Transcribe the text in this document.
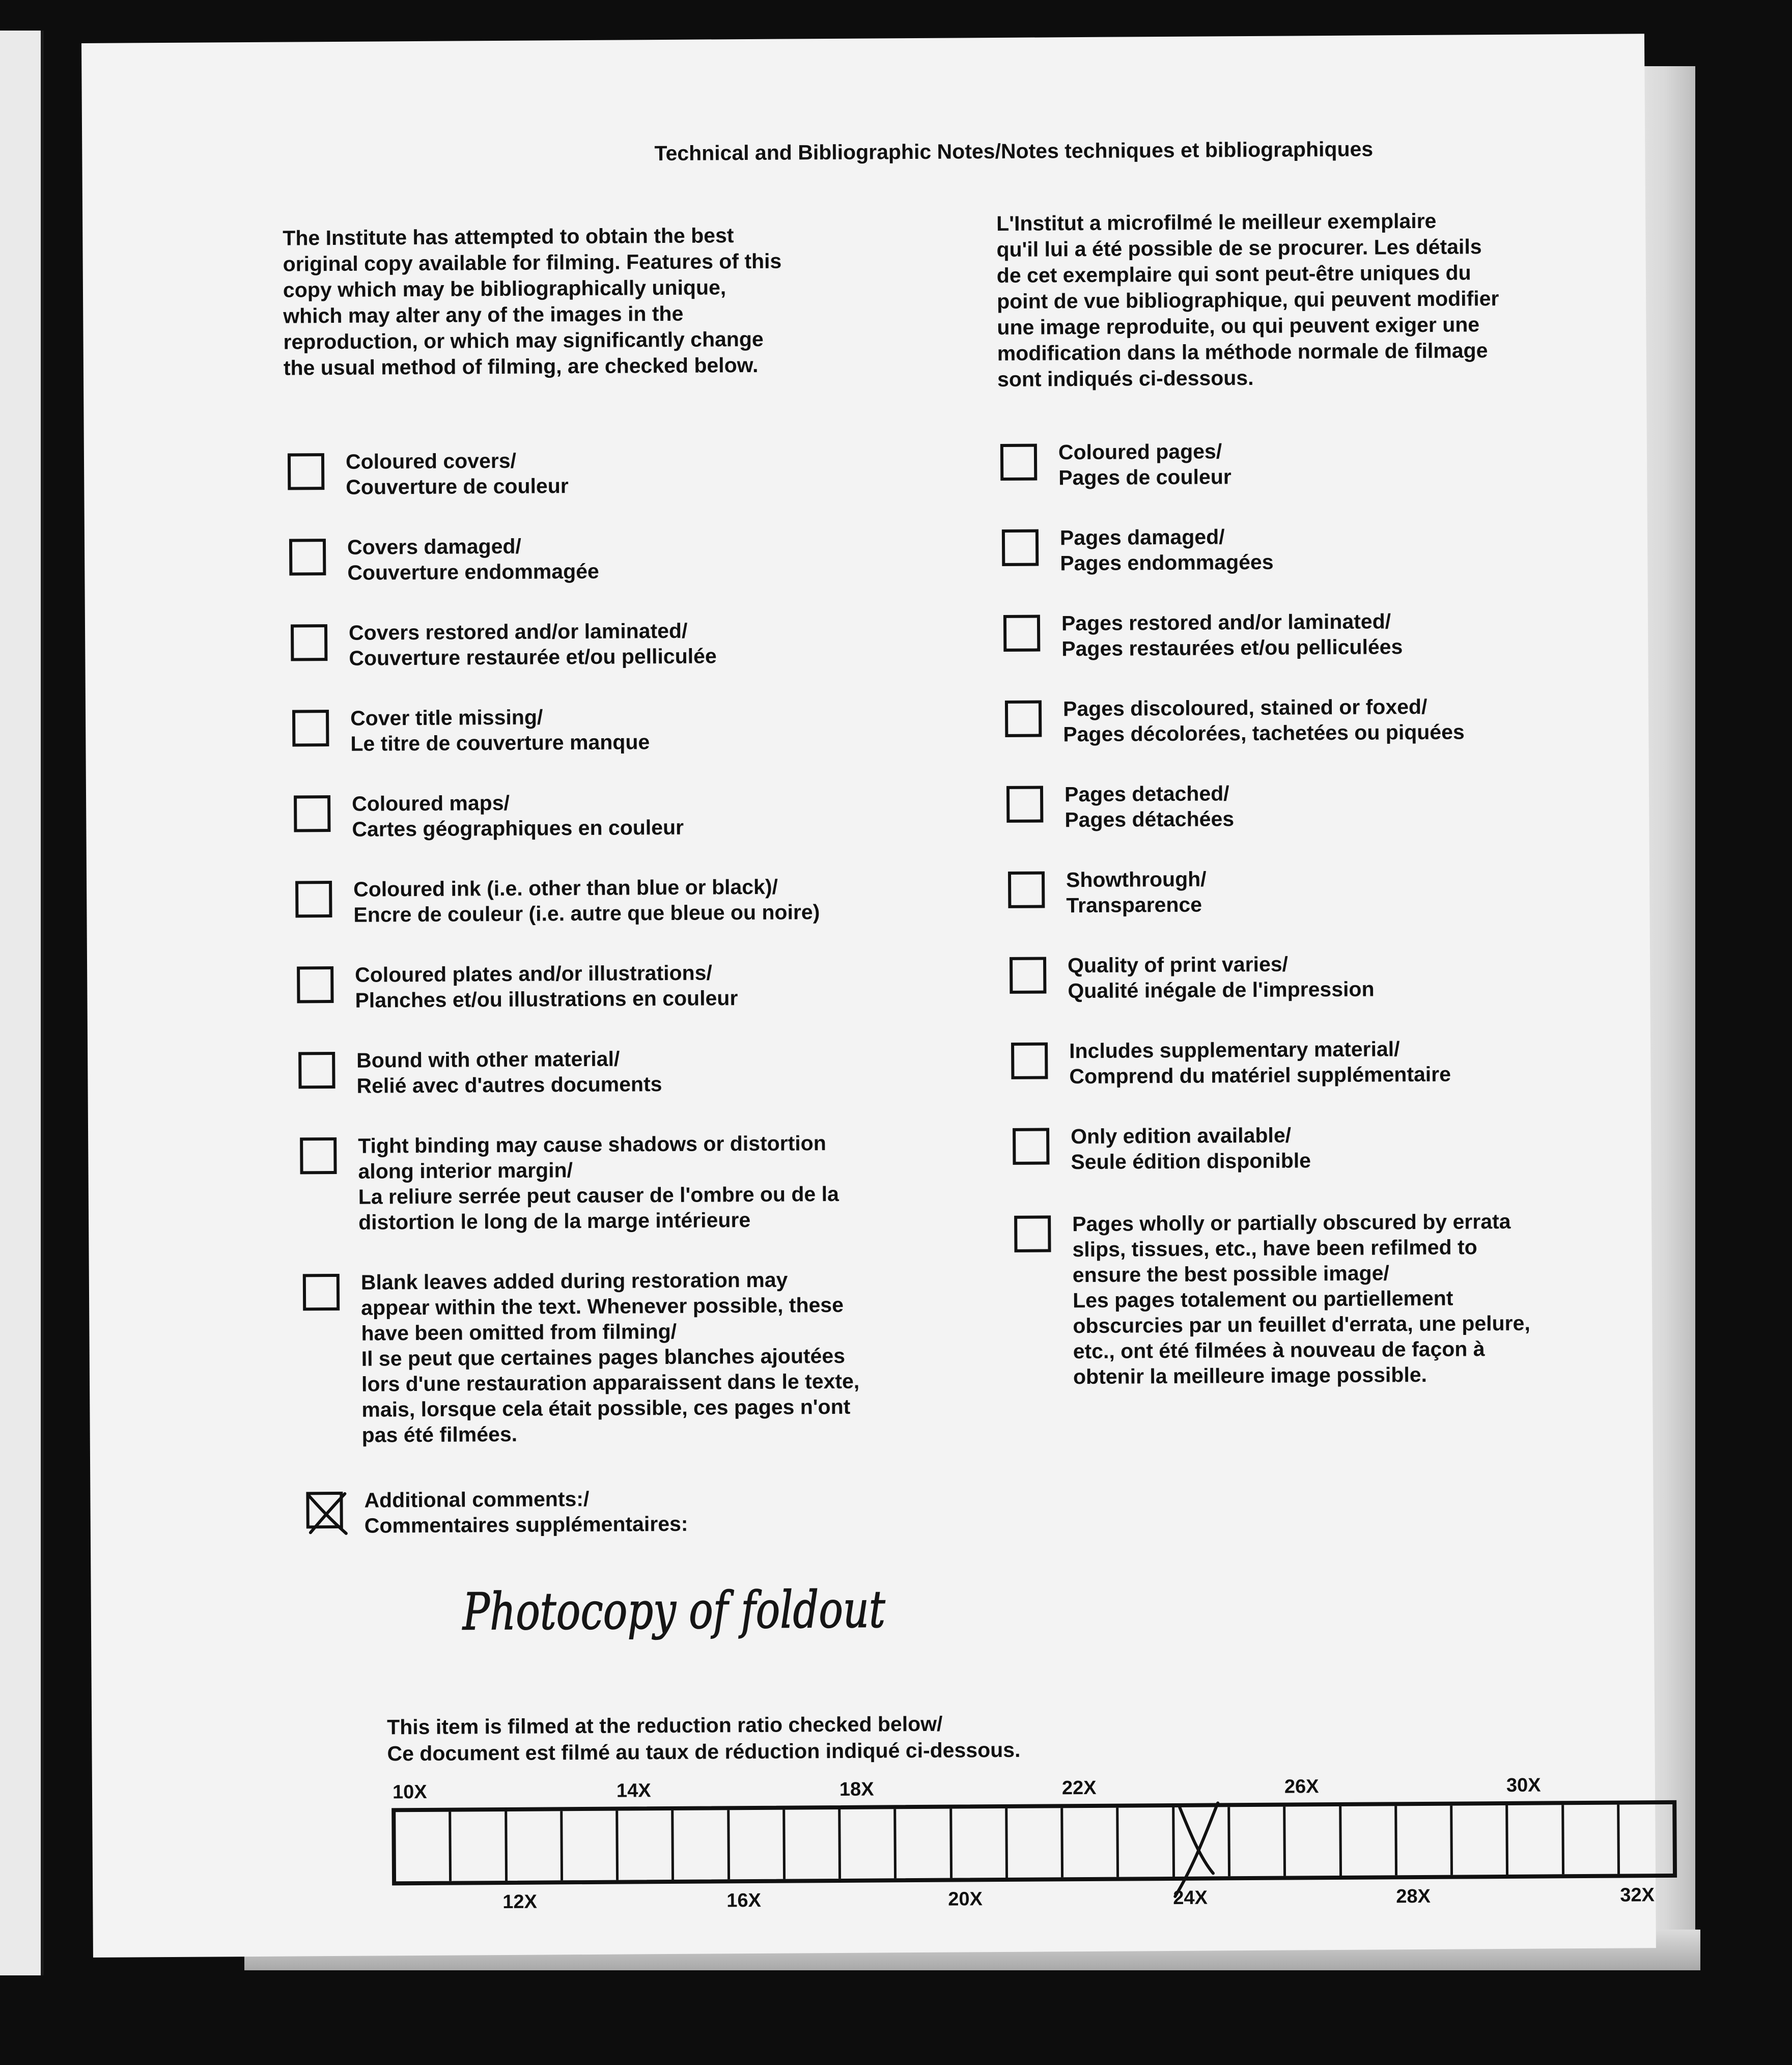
Technical and Bibliographic Notes/Notes techniques et bibliographiques
The Institute has attempted to obtain the best
original copy available for filming. Features of this
copy which may be bibliographically unique,
which may alter any of the images in the
reproduction, or which may significantly change
the usual method of filming, are checked below.
L'Institut a microfilmé le meilleur exemplaire
qu'il lui a été possible de se procurer. Les détails
de cet exemplaire qui sont peut-être uniques du
point de vue bibliographique, qui peuvent modifier
une image reproduite, ou qui peuvent exiger une
modification dans la méthode normale de filmage
sont indiqués ci-dessous.
Coloured covers/
Couverture de couleur
Covers damaged/
Couverture endommagée
Covers restored and/or laminated/
Couverture restaurée et/ou pelliculée
Cover title missing/
Le titre de couverture manque
Coloured maps/
Cartes géographiques en couleur
Coloured ink (i.e. other than blue or black)/
Encre de couleur (i.e. autre que bleue ou noire)
Coloured plates and/or illustrations/
Planches et/ou illustrations en couleur
Bound with other material/
Relié avec d'autres documents
Tight binding may cause shadows or distortion
along interior margin/
La reliure serrée peut causer de l'ombre ou de la
distortion le long de la marge intérieure
Blank leaves added during restoration may
appear within the text. Whenever possible, these
have been omitted from filming/
Il se peut que certaines pages blanches ajoutées
lors d'une restauration apparaissent dans le texte,
mais, lorsque cela était possible, ces pages n'ont
pas été filmées.
Additional comments:/
Commentaires supplémentaires:
Photocopy of foldout
Coloured pages/
Pages de couleur
Pages damaged/
Pages endommagées
Pages restored and/or laminated/
Pages restaurées et/ou pelliculées
Pages discoloured, stained or foxed/
Pages décolorées, tachetées ou piquées
Pages detached/
Pages détachées
Showthrough/
Transparence
Quality of print varies/
Qualité inégale de l'impression
Includes supplementary material/
Comprend du matériel supplémentaire
Only edition available/
Seule édition disponible
Pages wholly or partially obscured by errata
slips, tissues, etc., have been refilmed to
ensure the best possible image/
Les pages totalement ou partiellement
obscurcies par un feuillet d'errata, une pelure,
etc., ont été filmées à nouveau de façon à
obtenir la meilleure image possible.
This item is filmed at the reduction ratio checked below/
Ce document est filmé au taux de réduction indiqué ci-dessous.
10X	14X	18X	22X	26X	30X
12X	16X	20X	24X	28X	32X
